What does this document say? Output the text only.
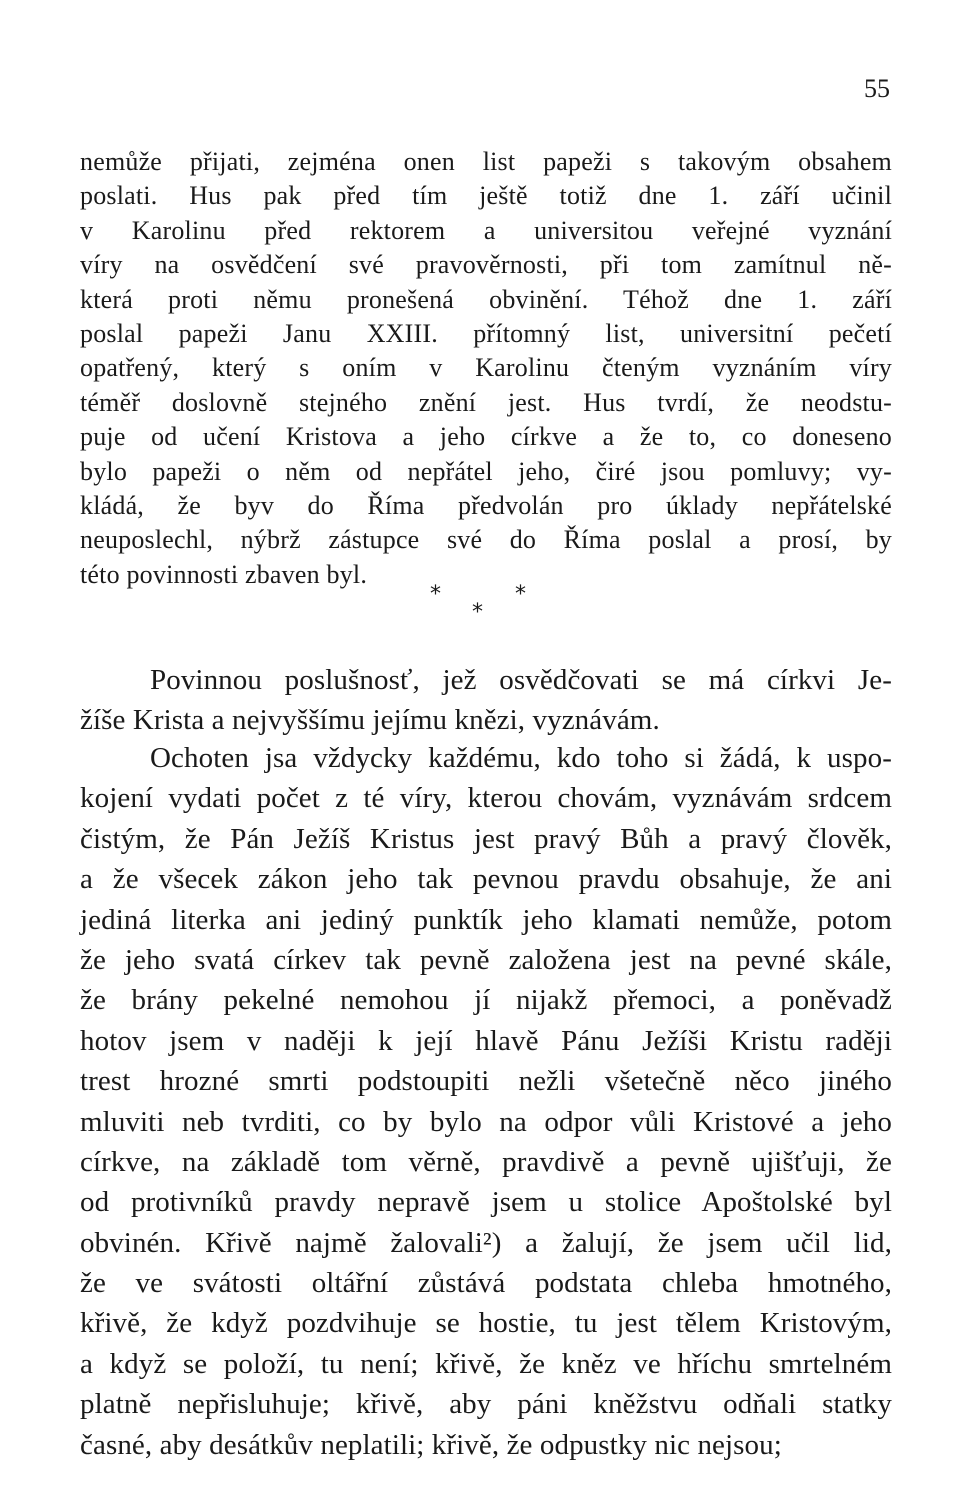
55
nemůže přijati, zejména onen list papeži s takovým obsahem
poslati. Hus pak před tím ještě totiž dne 1. září učinil
v Karolinu před rektorem a universitou veřejné vyznání
víry na osvědčení své pravověrnosti, při tom zamítnul ně-
která proti němu pronešená obvinění. Téhož dne 1. září
poslal papeži Janu XXIII. přítomný list, universitní pečetí
opatřený, který s oním v Karolinu čteným vyznáním víry
téměř doslovně stejného znění jest. Hus tvrdí, že neodstu-
puje od učení Kristova a jeho církve a že to, co doneseno
bylo papeži o něm od nepřátel jeho, čiré jsou pomluvy; vy-
kládá, že byv do Říma předvolán pro úklady nepřátelské
neuposlechl, nýbrž zástupce své do Říma poslal a prosí, by
této povinnosti zbaven byl.
*	*
*
Povinnou poslušnosť, jež osvědčovati se má církvi Je-
žíše Krista a nejvyššímu jejímu knězi, vyznávám.
Ochoten jsa vždycky každému, kdo toho si žádá, k uspo-
kojení vydati počet z té víry, kterou chovám, vyznávám srdcem
čistým, že Pán Ježíš Kristus jest pravý Bůh a pravý člověk,
a že všecek zákon jeho tak pevnou pravdu obsahuje, že ani
jediná literka ani jediný punktík jeho klamati nemůže, potom
že jeho svatá církev tak pevně založena jest na pevné skále,
že brány pekelné nemohou jí nijakž přemoci, a poněvadž
hotov jsem v naději k její hlavě Pánu Ježíši Kristu raději
trest hrozné smrti podstoupiti nežli všetečně něco jiného
mluviti neb tvrditi, co by bylo na odpor vůli Kristové a jeho
církve, na základě tom věrně, pravdivě a pevně ujišťuji, že
od protivníků pravdy nepravě jsem u stolice Apoštolské byl
obvinén. Křivě najmě žalovali²) a žalují, že jsem učil lid,
že ve svátosti oltářní zůstává podstata chleba hmotného,
křivě, že když pozdvihuje se hostie, tu jest tělem Kristovým,
a když se položí, tu není; křivě, že kněz ve hříchu smrtelném
platně nepřisluhuje; křivě, aby páni kněžstvu odňali statky
časné, aby desátkův neplatili; křivě, že odpustky nic nejsou;
